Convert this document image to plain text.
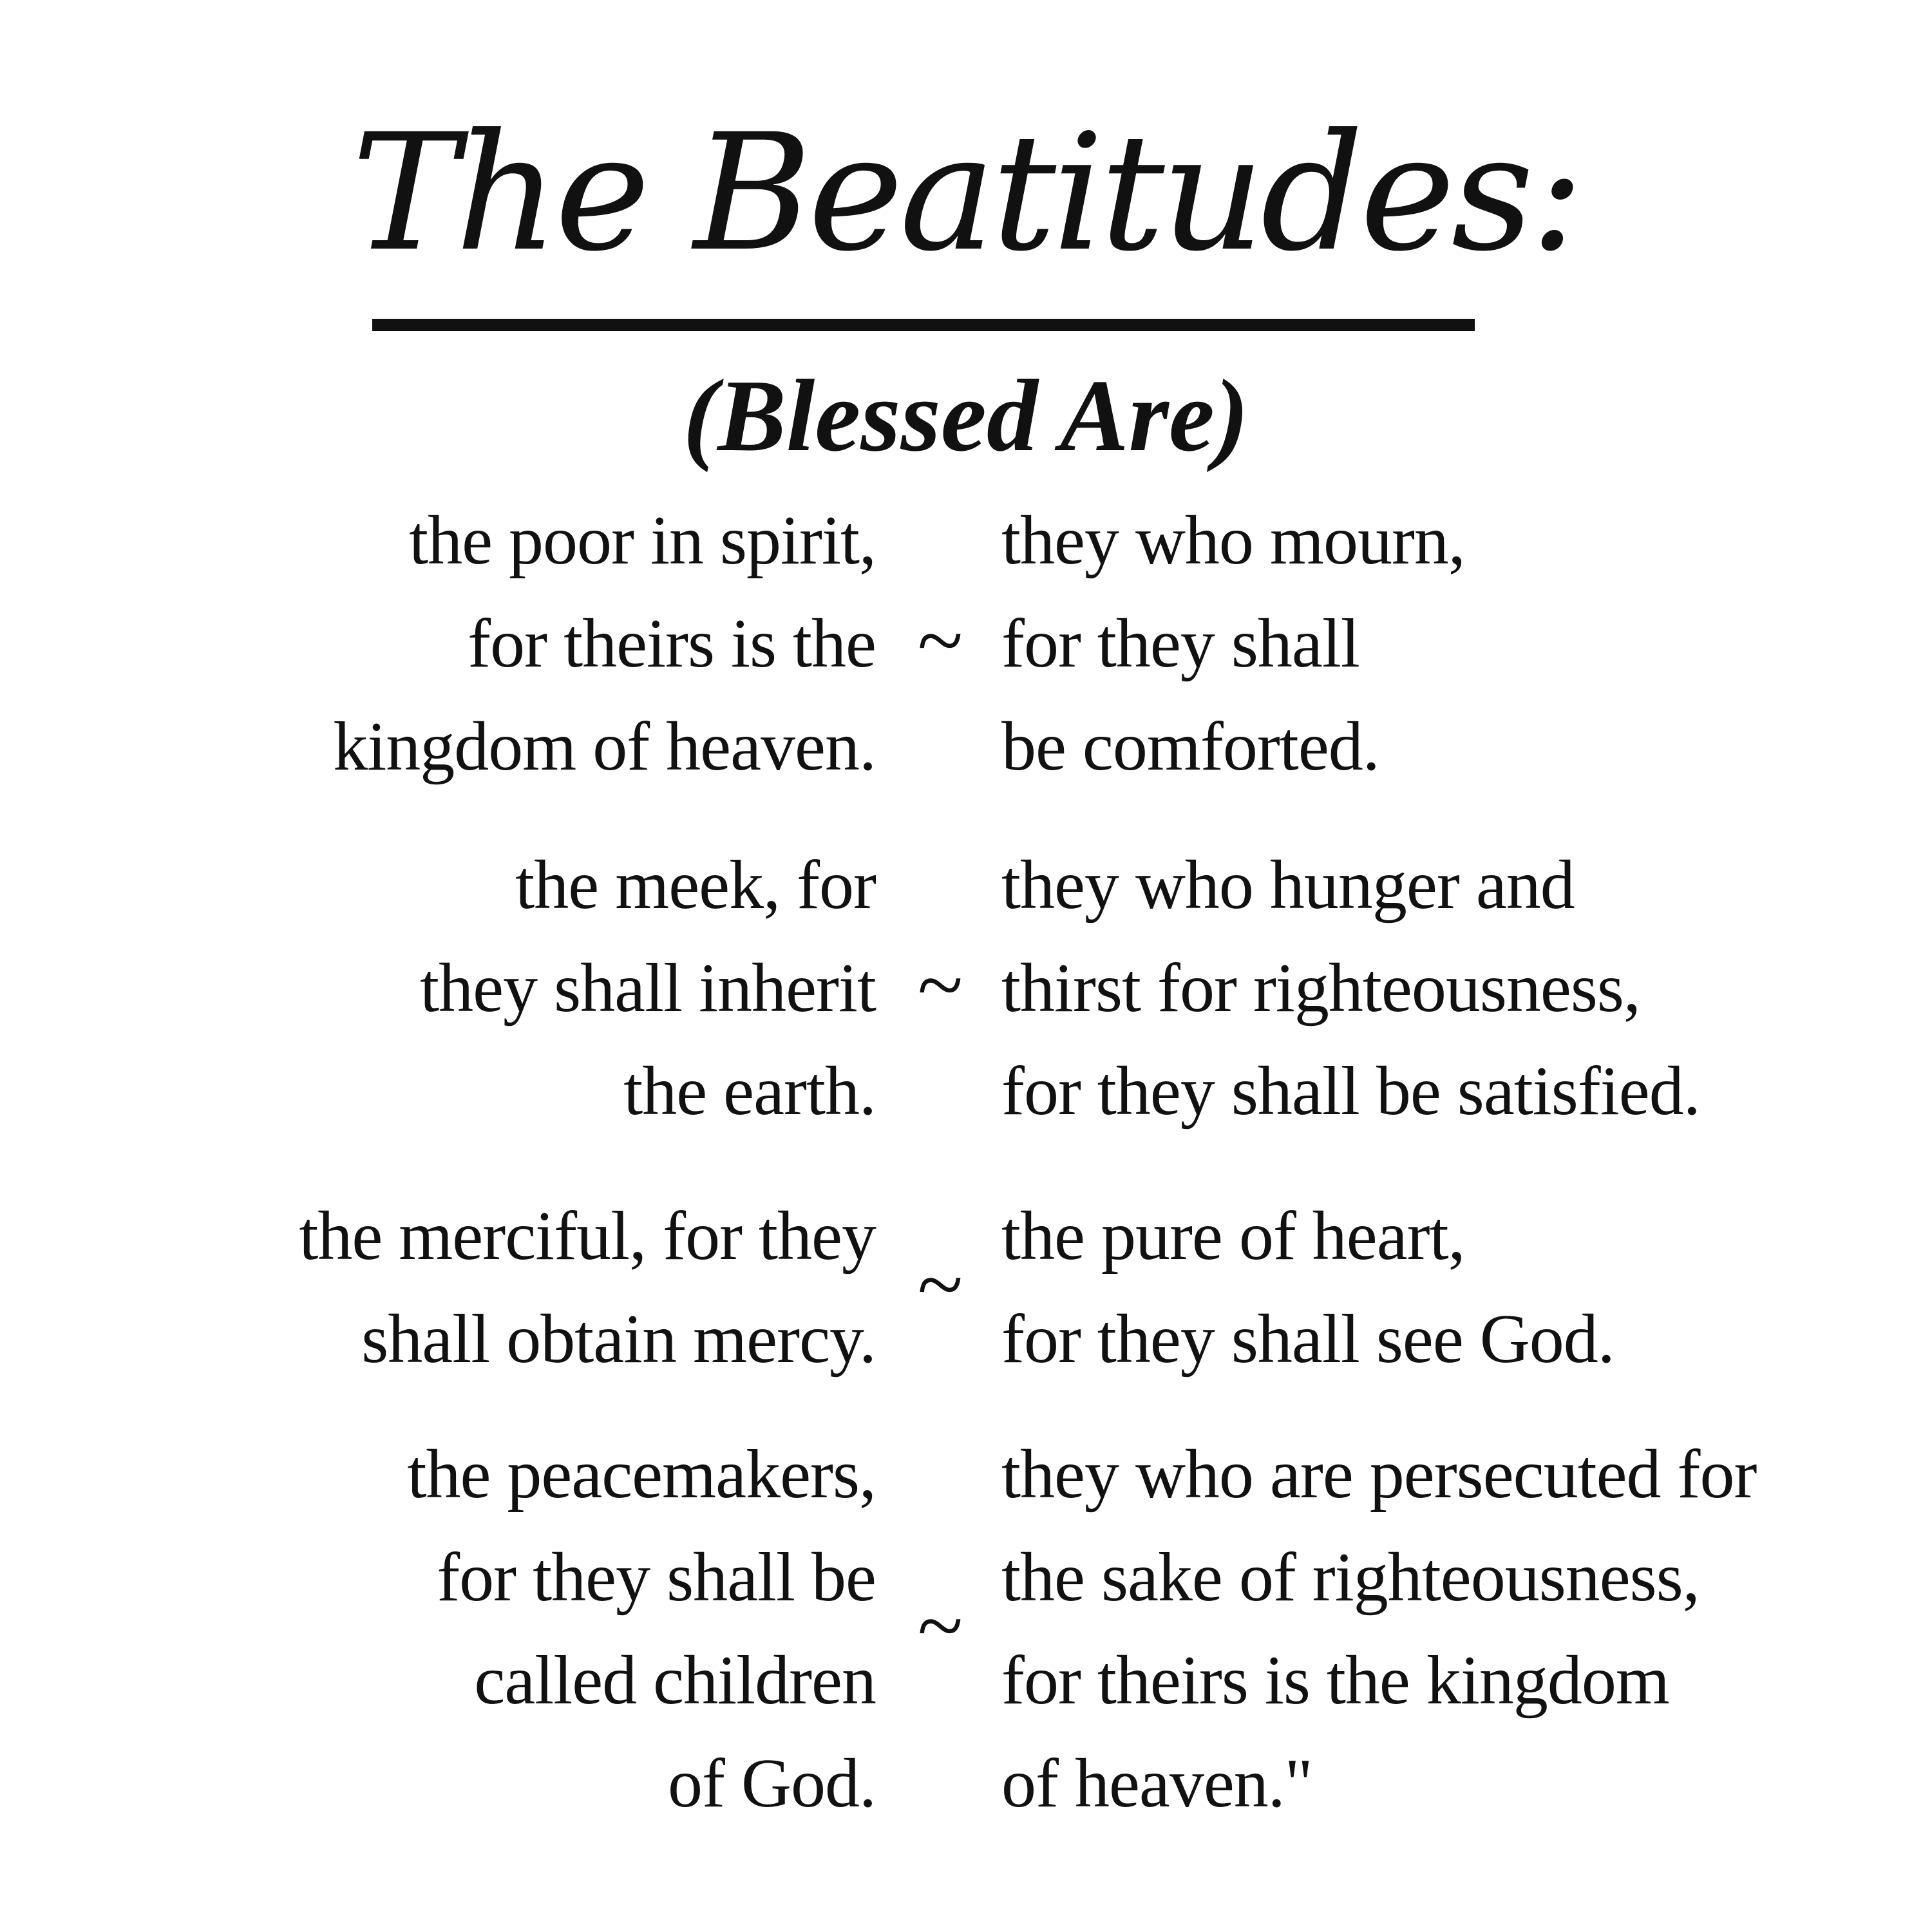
The Beatitudes:
(Blessed Are)
the poor in spirit,
for theirs is the
kingdom of heaven.
~
they who mourn,
for they shall
be comforted.
the meek, for
they shall inherit
the earth.
~
they who hunger and
thirst for righteousness,
for they shall be satisfied.
the merciful, for they
shall obtain mercy.
~
the pure of heart,
for they shall see God.
the peacemakers,
for they shall be
called children
of God.
~
they who are persecuted for
the sake of righteousness,
for theirs is the kingdom
of heaven."
